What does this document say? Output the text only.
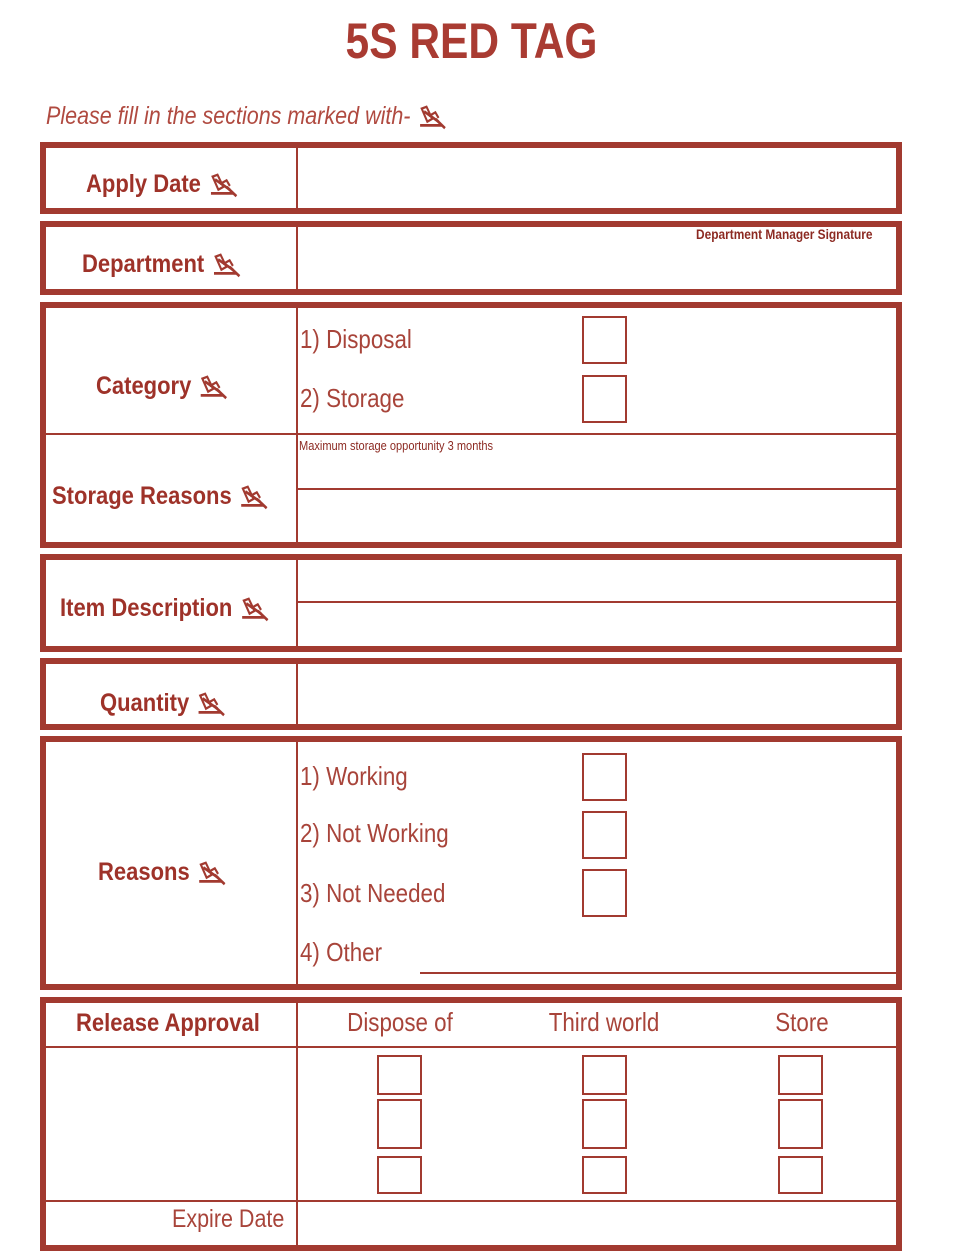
5S RED TAG
Please fill in the sections marked with-
Apply Date
Department
Department Manager Signature
Category
1) Disposal
2) Storage
Storage Reasons
Maximum storage opportunity 3 months
Item Description
Quantity
Reasons
1) Working
2) Not Working
3) Not Needed
4) Other
Release Approval	Dispose of	Third world	Store
Expire Date
